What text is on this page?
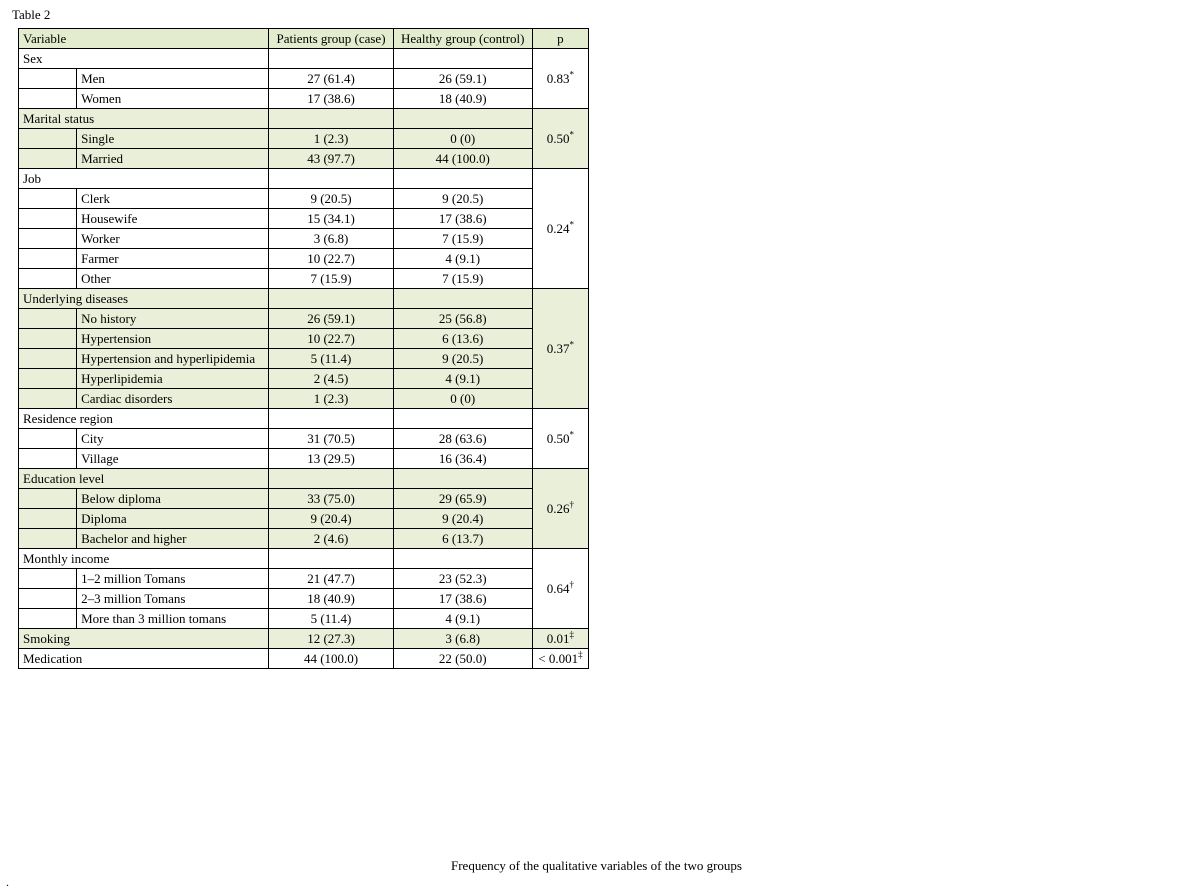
Table 2
Variable		Patients group (case)	Healthy group (control)	p
Sex				0.83*
	Men	27 (61.4)	26 (59.1)	
	Women	17 (38.6)	18 (40.9)	
Marital status				0.50*
	Single	1 (2.3)	0 (0)	
	Married	43 (97.7)	44 (100.0)	
Job				0.24*
	Clerk	9 (20.5)	9 (20.5)	
	Housewife	15 (34.1)	17 (38.6)	
	Worker	3 (6.8)	7 (15.9)	
	Farmer	10 (22.7)	4 (9.1)	
	Other	7 (15.9)	7 (15.9)	
Underlying diseases				0.37*
	No history	26 (59.1)	25 (56.8)	
	Hypertension	10 (22.7)	6 (13.6)	
	Hypertension and hyperlipidemia	5 (11.4)	9 (20.5)	
	Hyperlipidemia	2 (4.5)	4 (9.1)	
	Cardiac disorders	1 (2.3)	0 (0)	
Residence region				0.50*
	City	31 (70.5)	28 (63.6)	
	Village	13 (29.5)	16 (36.4)	
Education level				0.26†
	Below diploma	33 (75.0)	29 (65.9)	
	Diploma	9 (20.4)	9 (20.4)	
	Bachelor and higher	2 (4.6)	6 (13.7)	
Monthly income				0.64†
	1–2 million Tomans	21 (47.7)	23 (52.3)	
	2–3 million Tomans	18 (40.9)	17 (38.6)	
	More than 3 million tomans	5 (11.4)	4 (9.1)	
Smoking		12 (27.3)	3 (6.8)	0.01‡
Medication		44 (100.0)	22 (50.0)	< 0.001‡
Frequency of the qualitative variables of the two groups
.
